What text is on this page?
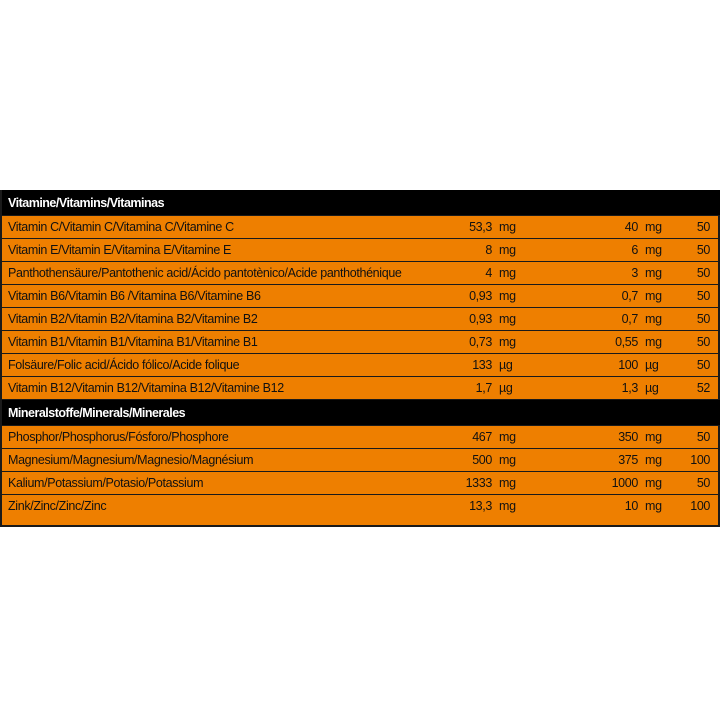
Vitamine/Vitamins/Vitaminas					
Vitamin C/Vitamin C/Vitamina C/Vitamine C	53,3	mg	40	mg	50
Vitamin E/Vitamin E/Vitamina E/Vitamine E	8	mg	6	mg	50
Panthothensäure/Pantothenic acid/Ácido pantotènico/Acide panthothénique	4	mg	3	mg	50
Vitamin B6/Vitamin B6 /Vitamina B6/Vitamine B6	0,93	mg	0,7	mg	50
Vitamin B2/Vitamin B2/Vitamina B2/Vitamine B2	0,93	mg	0,7	mg	50
Vitamin B1/Vitamin B1/Vitamina B1/Vitamine B1	0,73	mg	0,55	mg	50
Folsäure/Folic acid/Ácido fólico/Acide folique	133	µg	100	µg	50
Vitamin B12/Vitamin B12/Vitamina B12/Vitamine B12	1,7	µg	1,3	µg	52
Mineralstoffe/Minerals/Minerales					
Phosphor/Phosphorus/Fósforo/Phosphore	467	mg	350	mg	50
Magnesium/Magnesium/Magnesio/Magnésium	500	mg	375	mg	100
Kalium/Potassium/Potasio/Potassium	1333	mg	1000	mg	50
Zink/Zinc/Zinc/Zinc	13,3	mg	10	mg	100
